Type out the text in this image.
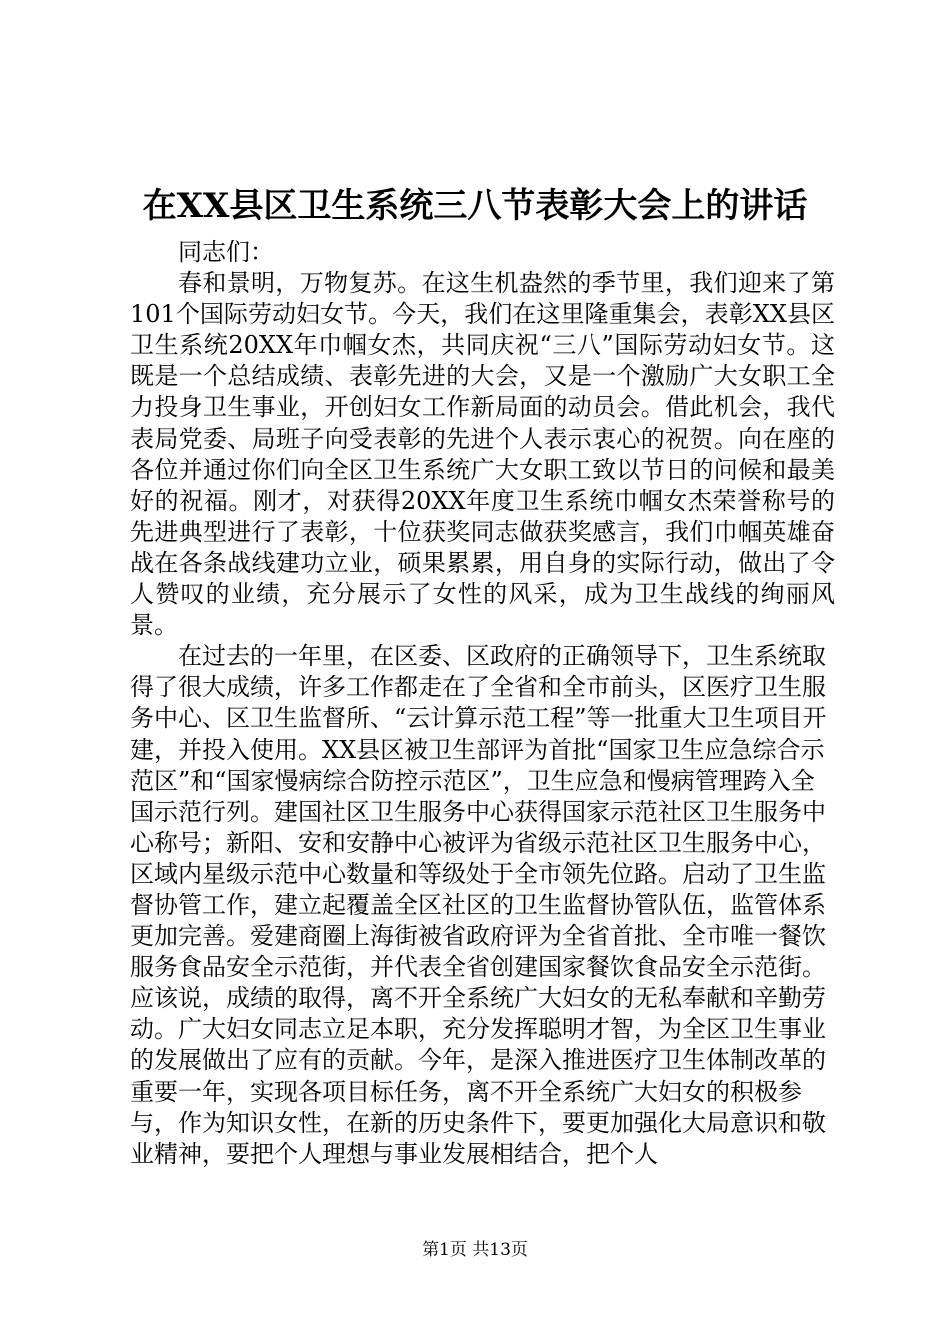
在XX县区卫生系统三八节表彰大会上的讲话

同志们：

春和景明，万物复苏。在这生机盎然的季节里，我们迎来了第101个国际劳动妇女节。今天，我们在这里隆重集会，表彰XX县区卫生系统20XX年巾帼女杰，共同庆祝“三八”国际劳动妇女节。这既是一个总结成绩、表彰先进的大会，又是一个激励广大女职工全力投身卫生事业，开创妇女工作新局面的动员会。借此机会，我代表局党委、局班子向受表彰的先进个人表示衷心的祝贺。向在座的各位并通过你们向全区卫生系统广大女职工致以节日的问候和最美好的祝福。刚才，对获得20XX年度卫生系统巾帼女杰荣誉称号的先进典型进行了表彰，十位获奖同志做获奖感言，我们巾帼英雄奋战在各条战线建功立业，硕果累累，用自身的实际行动，做出了令人赞叹的业绩，充分展示了女性的风采，成为卫生战线的绚丽风景。

在过去的一年里，在区委、区政府的正确领导下，卫生系统取得了很大成绩，许多工作都走在了全省和全市前头，区医疗卫生服务中心、区卫生监督所、“云计算示范工程”等一批重大卫生项目开建，并投入使用。XX县区被卫生部评为首批“国家卫生应急综合示范区”和“国家慢病综合防控示范区”，卫生应急和慢病管理跨入全国示范行列。建国社区卫生服务中心获得国家示范社区卫生服务中心称号；新阳、安和安静中心被评为省级示范社区卫生服务中心，区域内星级示范中心数量和等级处于全市领先位路。启动了卫生监督协管工作，建立起覆盖全区社区的卫生监督协管队伍，监管体系更加完善。爱建商圈上海街被省政府评为全省首批、全市唯一餐饮服务食品安全示范街，并代表全省创建国家餐饮食品安全示范街。应该说，成绩的取得，离不开全系统广大妇女的无私奉献和辛勤劳动。广大妇女同志立足本职，充分发挥聪明才智，为全区卫生事业的发展做出了应有的贡献。今年，是深入推进医疗卫生体制改革的重要一年，实现各项目标任务，离不开全系统广大妇女的积极参与，作为知识女性，在新的历史条件下，要更加强化大局意识和敬业精神，要把个人理想与事业发展相结合，把个人

第1页 共13页
